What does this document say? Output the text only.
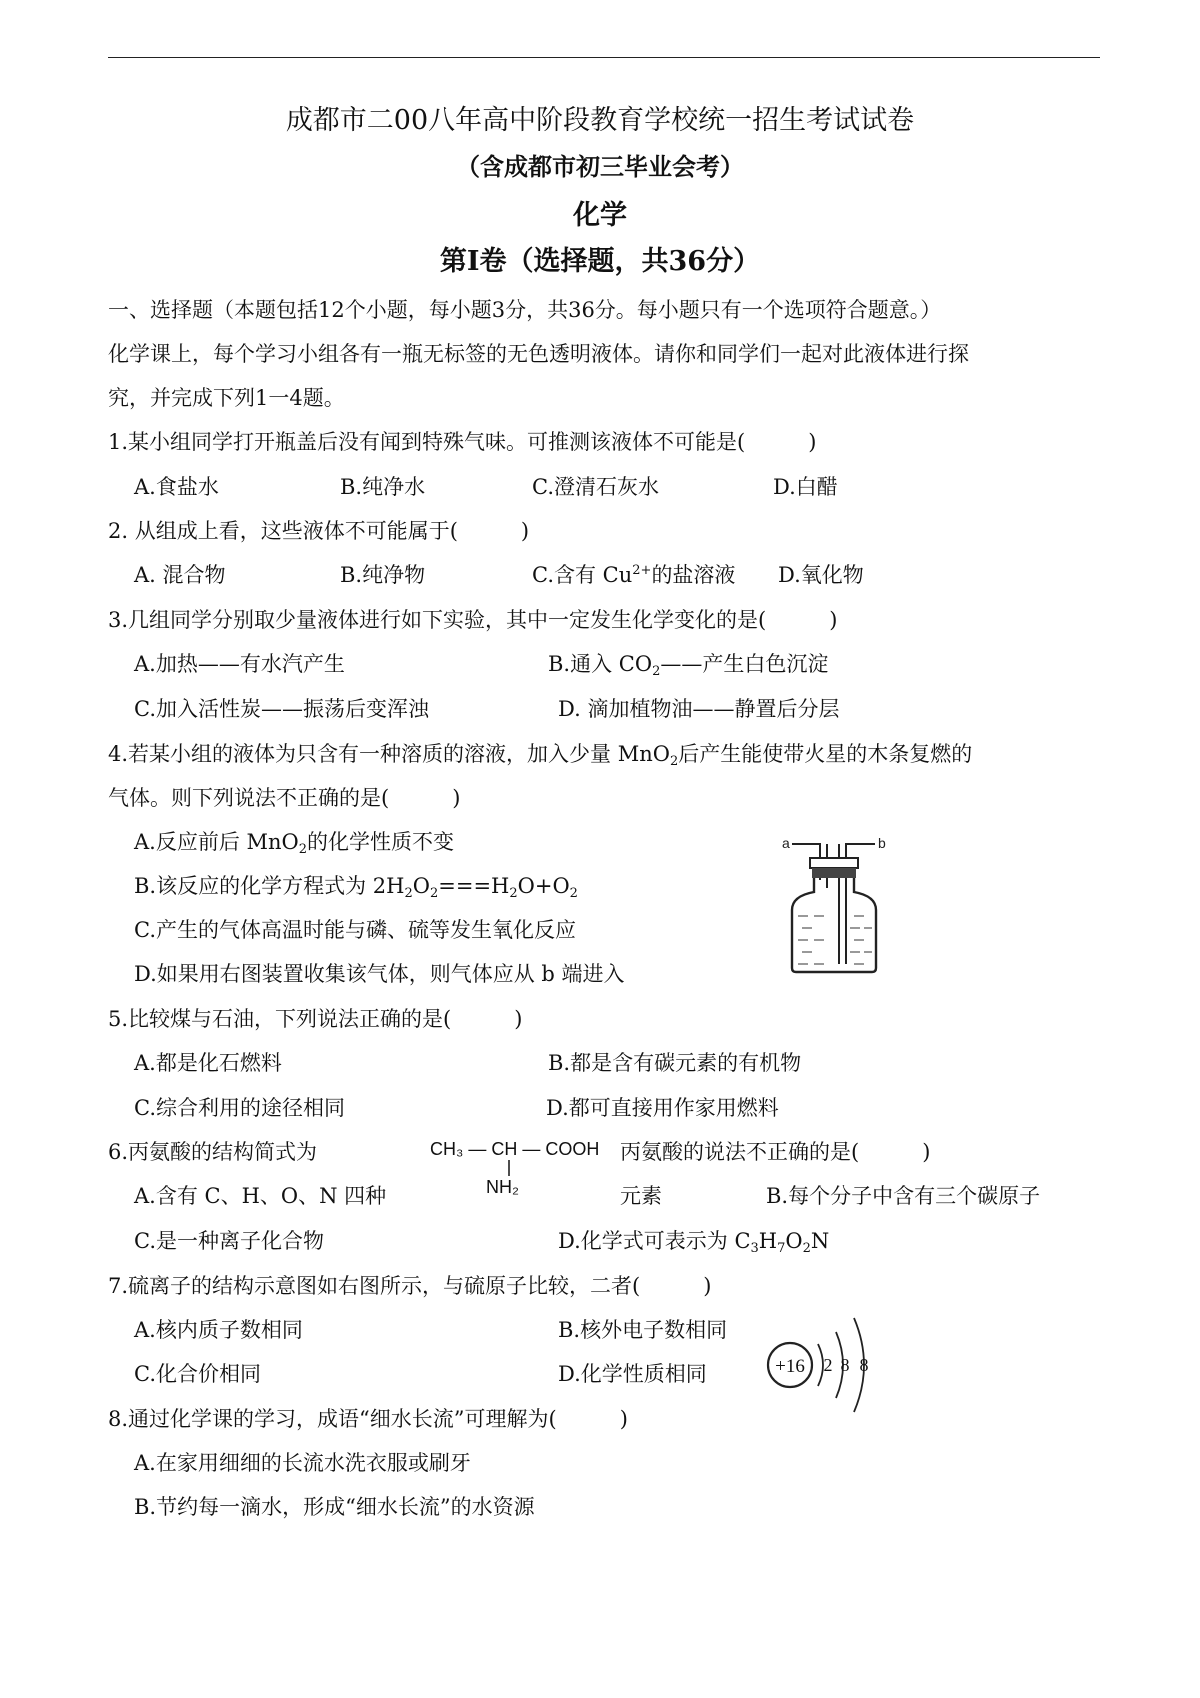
成都市二00八年高中阶段教育学校统一招生考试试卷
（含成都市初三毕业会考）
化学
第Ⅰ卷（选择题，共36分）
一、选择题（本题包括12个小题，每小题3分，共36分。每小题只有一个选项符合题意。）
化学课上，每个学习小组各有一瓶无标签的无色透明液体。请你和同学们一起对此液体进行探
究，并完成下列1一4题。
1.某小组同学打开瓶盖后没有闻到特殊气味。可推测该液体不可能是(　　　)
A.食盐水	B.纯净水	C.澄清石灰水	D.白醋
2. 从组成上看，这些液体不可能属于(　　　)
A. 混合物	B.纯净物	C.含有 $Cu^{2+}$的盐溶液 D.氧化物
3.几组同学分别取少量液体进行如下实验，其中一定发生化学变化的是(　　　)
A.加热——有水汽产生	B.通入 $CO_2——$产生白色沉淀
C.加入活性炭——振荡后变浑浊	D. 滴加植物油——静置后分层
4.若某小组的液体为只含有一种溶质的溶液，加入少量 MnO$_2$后产生能使带火星的木条复燃的
气体。则下列说法不正确的是(　　　)
A.反应前后 MnO$_2$的化学性质不变
B.该反应的化学方程式为 $2H_2O_2===H_2O+O_2$
C.产生的气体高温时能与磷、硫等发生氧化反应
D.如果用右图装置收集该气体，则气体应从 b 端进入
a	b
5.比较煤与石油，下列说法正确的是(　　　)
A.都是化石燃料	B.都是含有碳元素的有机物
C.综合利用的途径相同	D.都可直接用作家用燃料
6.丙氨酸的结构简式为	CH₃ — CH — COOH
NH₂
丙氨酸的说法不正确的是(　　　)
A.含有 C、H、O、N 四种	元素	B.每个分子中含有三个碳原子
C.是一种离子化合物	D.化学式可表示为 $C_3H_7O_2N$
7.硫离子的结构示意图如右图所示，与硫原子比较，二者(　　　)
A.核内质子数相同	B.核外电子数相同
C.化合价相同	D.化学性质相同	+16 2 8 8
8.通过化学课的学习，成语“细水长流”可理解为(　　　)
A.在家用细细的长流水洗衣服或刷牙
B.节约每一滴水，形成“细水长流”的水资源
